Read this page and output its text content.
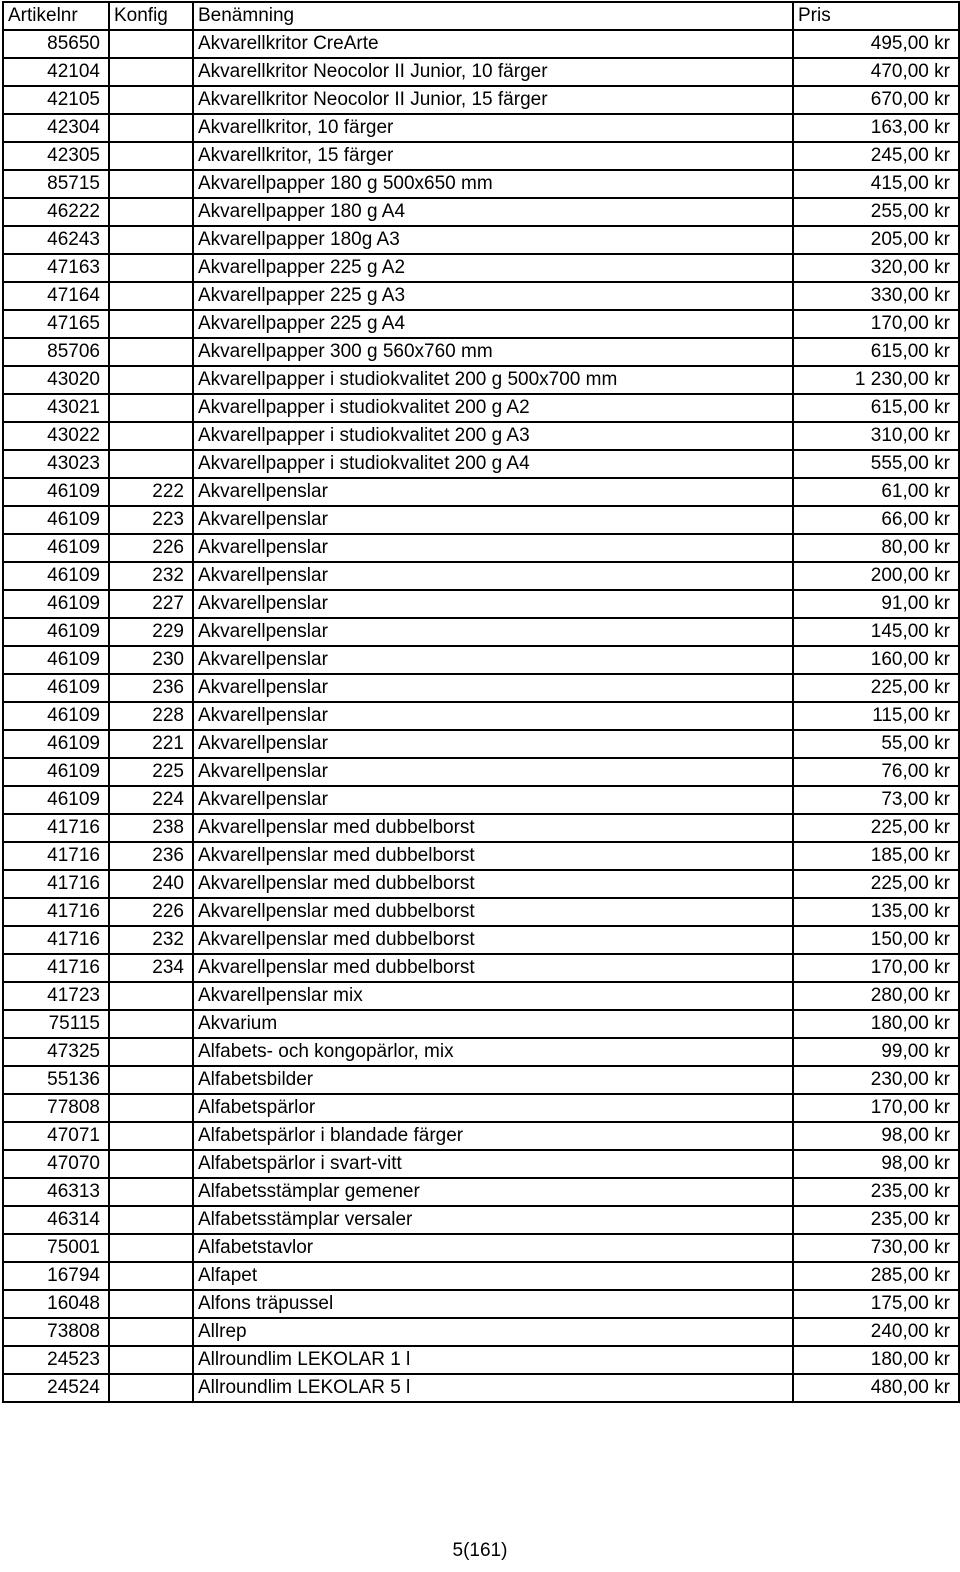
Artikelnr	Konfig	Benämning	Pris
85650		Akvarellkritor CreArte	495,00 kr
42104		Akvarellkritor Neocolor II Junior, 10 färger	470,00 kr
42105		Akvarellkritor Neocolor II Junior, 15 färger	670,00 kr
42304		Akvarellkritor, 10 färger	163,00 kr
42305		Akvarellkritor, 15 färger	245,00 kr
85715		Akvarellpapper 180 g 500x650 mm	415,00 kr
46222		Akvarellpapper 180 g A4	255,00 kr
46243		Akvarellpapper 180g A3	205,00 kr
47163		Akvarellpapper 225 g A2	320,00 kr
47164		Akvarellpapper 225 g A3	330,00 kr
47165		Akvarellpapper 225 g A4	170,00 kr
85706		Akvarellpapper 300 g 560x760 mm	615,00 kr
43020		Akvarellpapper i studiokvalitet 200 g 500x700 mm	1 230,00 kr
43021		Akvarellpapper i studiokvalitet 200 g A2	615,00 kr
43022		Akvarellpapper i studiokvalitet 200 g A3	310,00 kr
43023		Akvarellpapper i studiokvalitet 200 g A4	555,00 kr
46109	222	Akvarellpenslar	61,00 kr
46109	223	Akvarellpenslar	66,00 kr
46109	226	Akvarellpenslar	80,00 kr
46109	232	Akvarellpenslar	200,00 kr
46109	227	Akvarellpenslar	91,00 kr
46109	229	Akvarellpenslar	145,00 kr
46109	230	Akvarellpenslar	160,00 kr
46109	236	Akvarellpenslar	225,00 kr
46109	228	Akvarellpenslar	115,00 kr
46109	221	Akvarellpenslar	55,00 kr
46109	225	Akvarellpenslar	76,00 kr
46109	224	Akvarellpenslar	73,00 kr
41716	238	Akvarellpenslar med dubbelborst	225,00 kr
41716	236	Akvarellpenslar med dubbelborst	185,00 kr
41716	240	Akvarellpenslar med dubbelborst	225,00 kr
41716	226	Akvarellpenslar med dubbelborst	135,00 kr
41716	232	Akvarellpenslar med dubbelborst	150,00 kr
41716	234	Akvarellpenslar med dubbelborst	170,00 kr
41723		Akvarellpenslar mix	280,00 kr
75115		Akvarium	180,00 kr
47325		Alfabets- och kongopärlor, mix	99,00 kr
55136		Alfabetsbilder	230,00 kr
77808		Alfabetspärlor	170,00 kr
47071		Alfabetspärlor i blandade färger	98,00 kr
47070		Alfabetspärlor i svart-vitt	98,00 kr
46313		Alfabetsstämplar gemener	235,00 kr
46314		Alfabetsstämplar versaler	235,00 kr
75001		Alfabetstavlor	730,00 kr
16794		Alfapet	285,00 kr
16048		Alfons träpussel	175,00 kr
73808		Allrep	240,00 kr
24523		Allroundlim LEKOLAR 1 l	180,00 kr
24524		Allroundlim LEKOLAR 5 l	480,00 kr
5(161)
